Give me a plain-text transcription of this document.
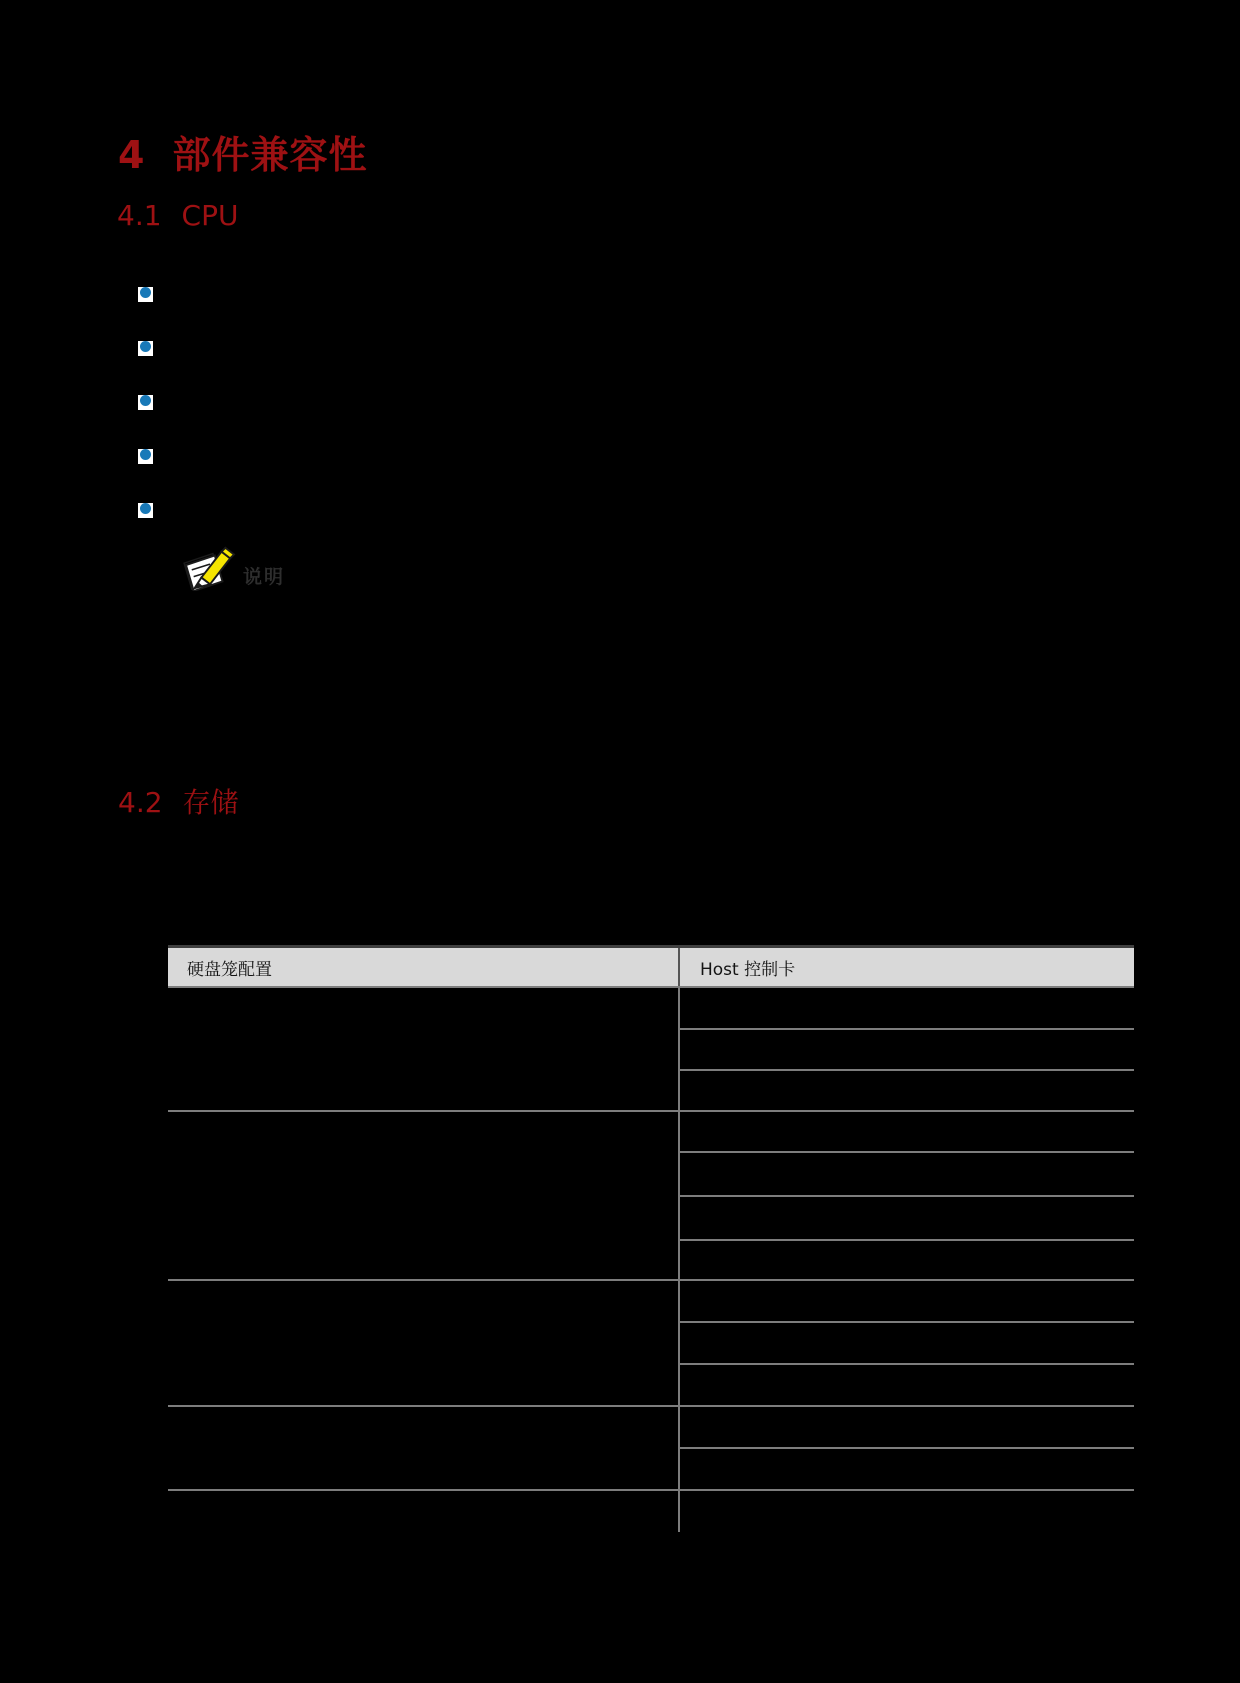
4 部件兼容性
4.1 CPU
说明
4.2 存储
硬盘笼配置	Host 控制卡
